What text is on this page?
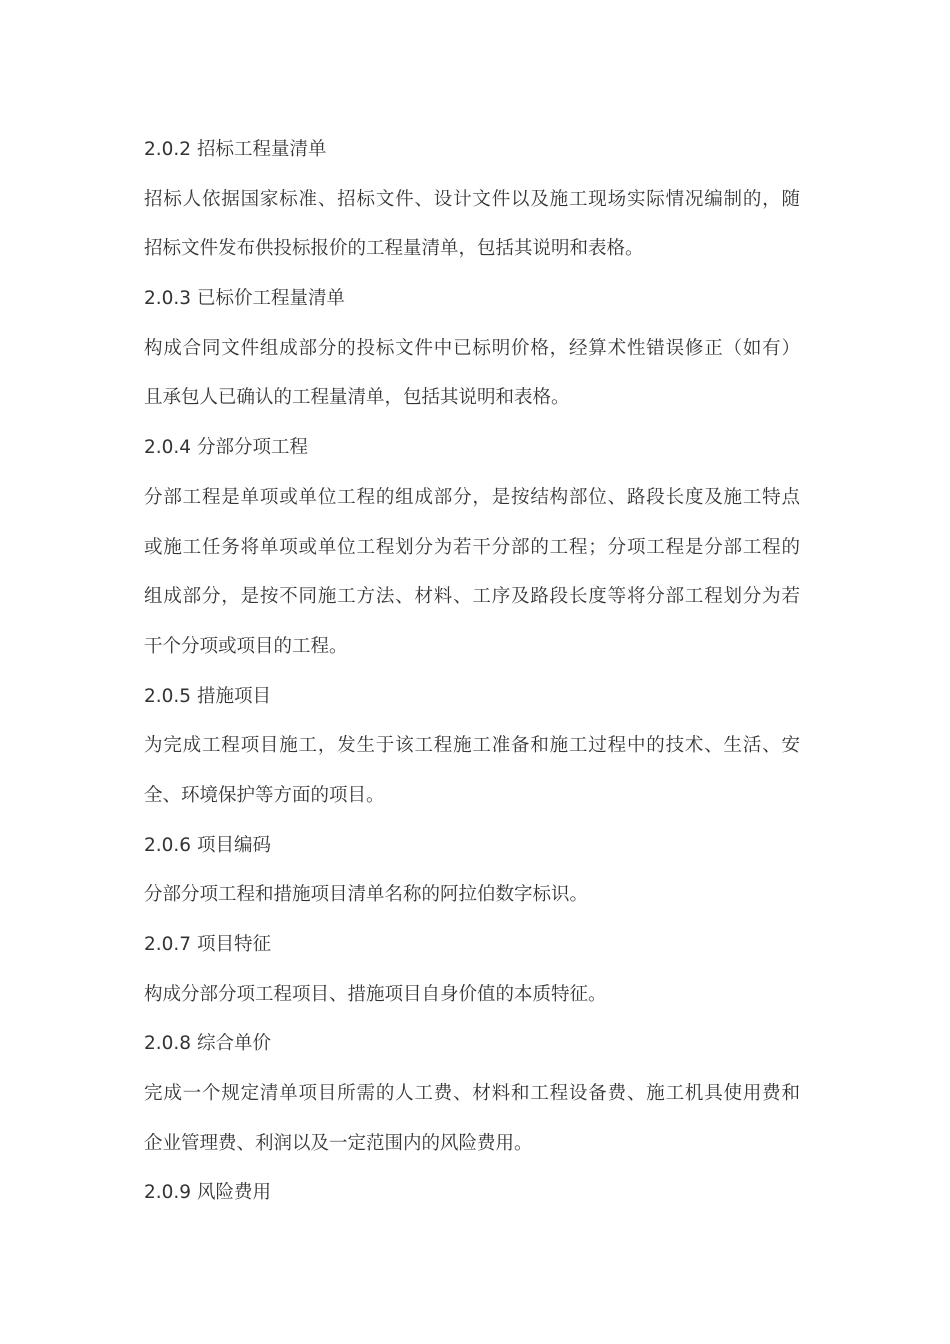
2.0.2 招标工程量清单
招标人依据国家标准、招标文件、设计文件以及施工现场实际情况编制的，随
招标文件发布供投标报价的工程量清单，包括其说明和表格。
2.0.3 已标价工程量清单
构成合同文件组成部分的投标文件中已标明价格，经算术性错误修正（如有）
且承包人已确认的工程量清单，包括其说明和表格。
2.0.4 分部分项工程
分部工程是单项或单位工程的组成部分，是按结构部位、路段长度及施工特点
或施工任务将单项或单位工程划分为若干分部的工程；分项工程是分部工程的
组成部分，是按不同施工方法、材料、工序及路段长度等将分部工程划分为若
干个分项或项目的工程。
2.0.5 措施项目
为完成工程项目施工，发生于该工程施工准备和施工过程中的技术、生活、安
全、环境保护等方面的项目。
2.0.6 项目编码
分部分项工程和措施项目清单名称的阿拉伯数字标识。
2.0.7 项目特征
构成分部分项工程项目、措施项目自身价值的本质特征。
2.0.8 综合单价
完成一个规定清单项目所需的人工费、材料和工程设备费、施工机具使用费和
企业管理费、利润以及一定范围内的风险费用。
2.0.9 风险费用
